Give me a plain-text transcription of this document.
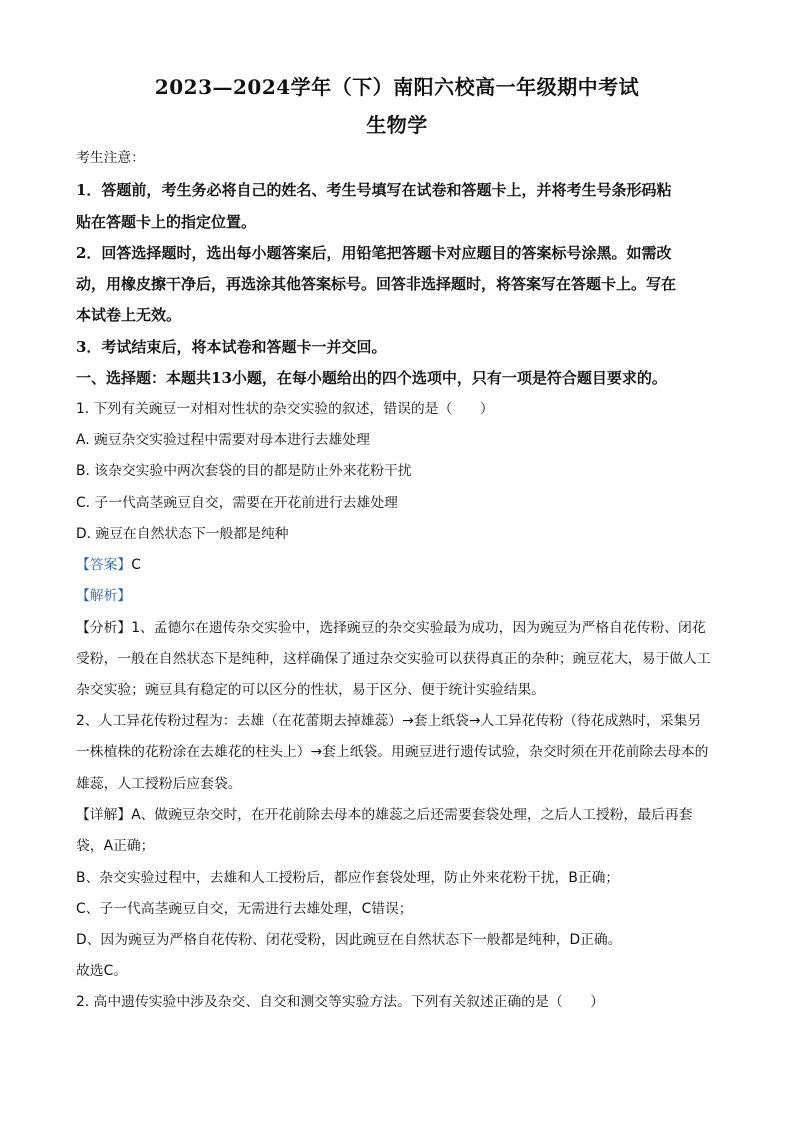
2023—2024学年（下）南阳六校高一年级期中考试
生物学
考生注意：
1．答题前，考生务必将自己的姓名、考生号填写在试卷和答题卡上，并将考生号条形码粘
贴在答题卡上的指定位置。
2．回答选择题时，选出每小题答案后，用铅笔把答题卡对应题目的答案标号涂黑。如需改
动，用橡皮擦干净后，再选涂其他答案标号。回答非选择题时，将答案写在答题卡上。写在
本试卷上无效。
3．考试结束后，将本试卷和答题卡一并交回。
一、选择题：本题共13小题，在每小题给出的四个选项中，只有一项是符合题目要求的。
1. 下列有关豌豆一对相对性状的杂交实验的叙述，错误的是（　　）
A. 豌豆杂交实验过程中需要对母本进行去雄处理
B. 该杂交实验中两次套袋的目的都是防止外来花粉干扰
C. 子一代高茎豌豆自交，需要在开花前进行去雄处理
D. 豌豆在自然状态下一般都是纯种
【答案】C
【解析】
【分析】1、孟德尔在遗传杂交实验中，选择豌豆的杂交实验最为成功，因为豌豆为严格自花传粉、闭花
受粉，一般在自然状态下是纯种，这样确保了通过杂交实验可以获得真正的杂种；豌豆花大，易于做人工
杂交实验；豌豆具有稳定的可以区分的性状，易于区分、便于统计实验结果。
2、人工异花传粉过程为：去雄（在花蕾期去掉雄蕊）→套上纸袋→人工异花传粉（待花成熟时，采集另
一株植株的花粉涂在去雄花的柱头上）→套上纸袋。用豌豆进行遗传试验，杂交时须在开花前除去母本的
雄蕊，人工授粉后应套袋。
【详解】A、做豌豆杂交时，在开花前除去母本的雄蕊之后还需要套袋处理，之后人工授粉，最后再套
袋，A正确；
B、杂交实验过程中，去雄和人工授粉后，都应作套袋处理，防止外来花粉干扰，B正确；
C、子一代高茎豌豆自交，无需进行去雄处理，C错误；
D、因为豌豆为严格自花传粉、闭花受粉，因此豌豆在自然状态下一般都是纯种，D正确。
故选C。
2. 高中遗传实验中涉及杂交、自交和测交等实验方法。下列有关叙述正确的是（　　）
